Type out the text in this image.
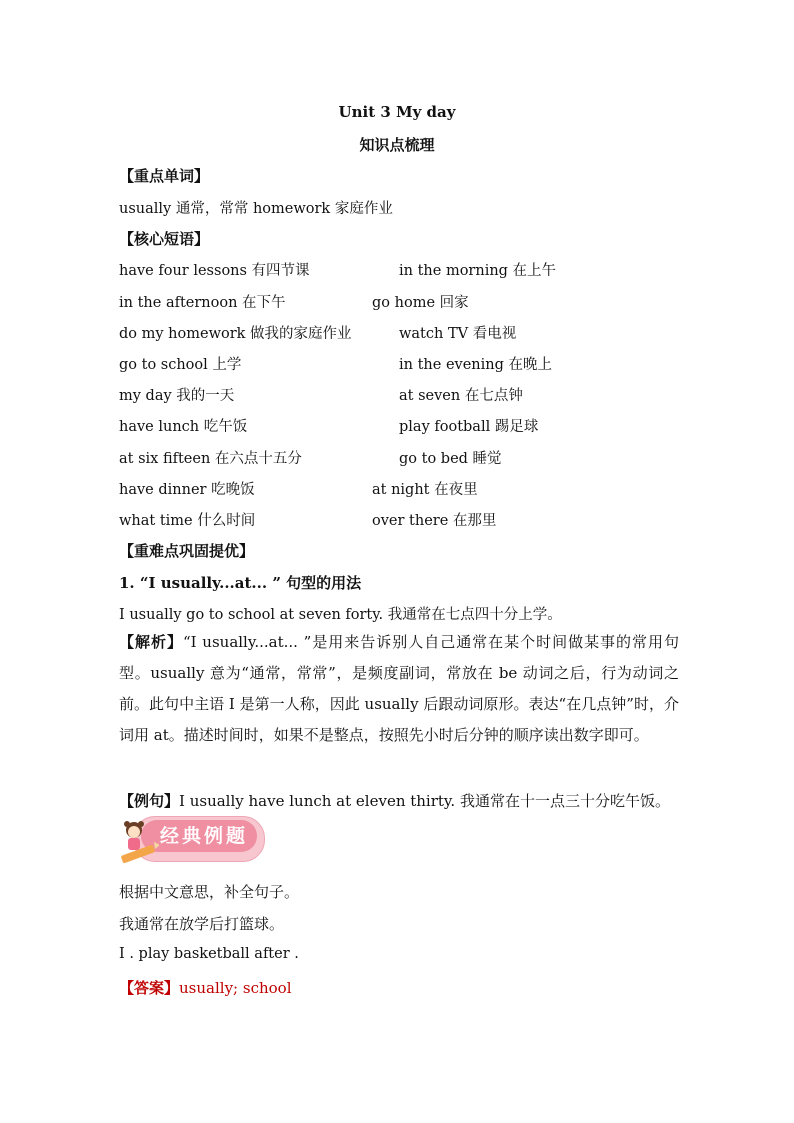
Unit 3 My day
知识点梳理
【重点单词】
usually 通常，常常 homework 家庭作业
【核心短语】
have four lessons 有四节课
in the afternoon 在下午
do my homework 做我的家庭作业
go to school 上学
my day 我的一天
have lunch 吃午饭
at six fifteen 在六点十五分
have dinner 吃晚饭
what time 什么时间
in the morning 在上午
go home 回家
watch TV 看电视
in the evening 在晚上
at seven 在七点钟
play football 踢足球
go to bed 睡觉
at night 在夜里
over there 在那里
【重难点巩固提优】
1. “I usually...at... ” 句型的用法
I usually go to school at seven forty. 我通常在七点四十分上学。
【解析】“I usually...at... ”是用来告诉别人自己通常在某个时间做某事的常用句型。usually 意为“通常，常常”，是频度副词，常放在 be 动词之后，行为动词之前。此句中主语 I 是第一人称，因此 usually 后跟动词原形。表达“在几点钟”时，介词用 at。描述时间时，如果不是整点，按照先小时后分钟的顺序读出数字即可。
【例句】I usually have lunch at eleven thirty. 我通常在十一点三十分吃午饭。
经典例题
根据中文意思，补全句子。
我通常在放学后打篮球。
I . play basketball after .
【答案】usually; school
